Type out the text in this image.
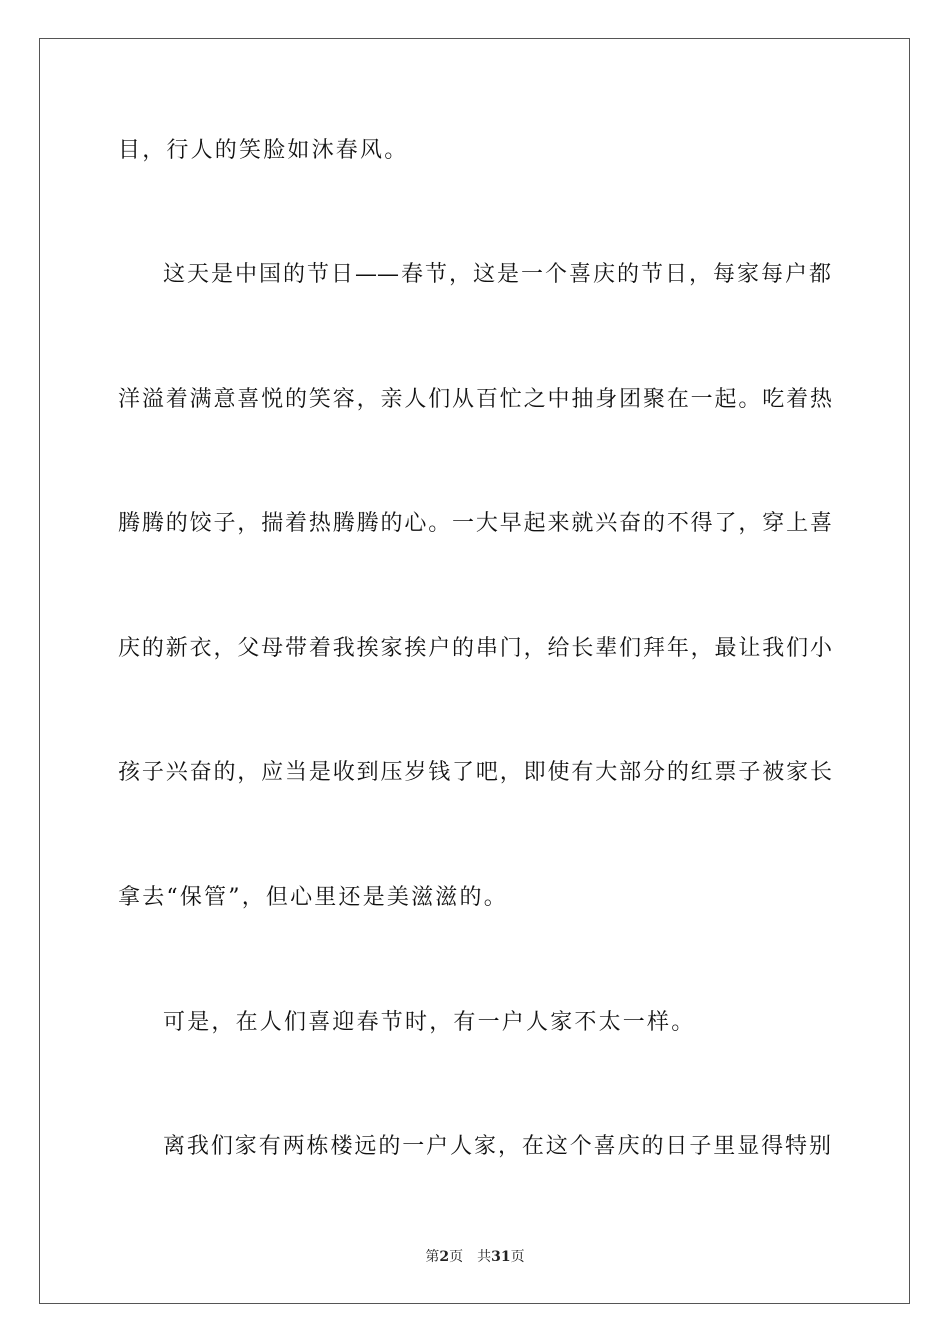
目，行人的笑脸如沐春风。
这天是中国的节日——春节，这是一个喜庆的节日，每家每户都
洋溢着满意喜悦的笑容，亲人们从百忙之中抽身团聚在一起。吃着热
腾腾的饺子，揣着热腾腾的心。一大早起来就兴奋的不得了，穿上喜
庆的新衣，父母带着我挨家挨户的串门，给长辈们拜年，最让我们小
孩子兴奋的，应当是收到压岁钱了吧，即使有大部分的红票子被家长
拿去“保管”，但心里还是美滋滋的。
可是，在人们喜迎春节时，有一户人家不太一样。
离我们家有两栋楼远的一户人家，在这个喜庆的日子里显得特别
第2页 共31页
